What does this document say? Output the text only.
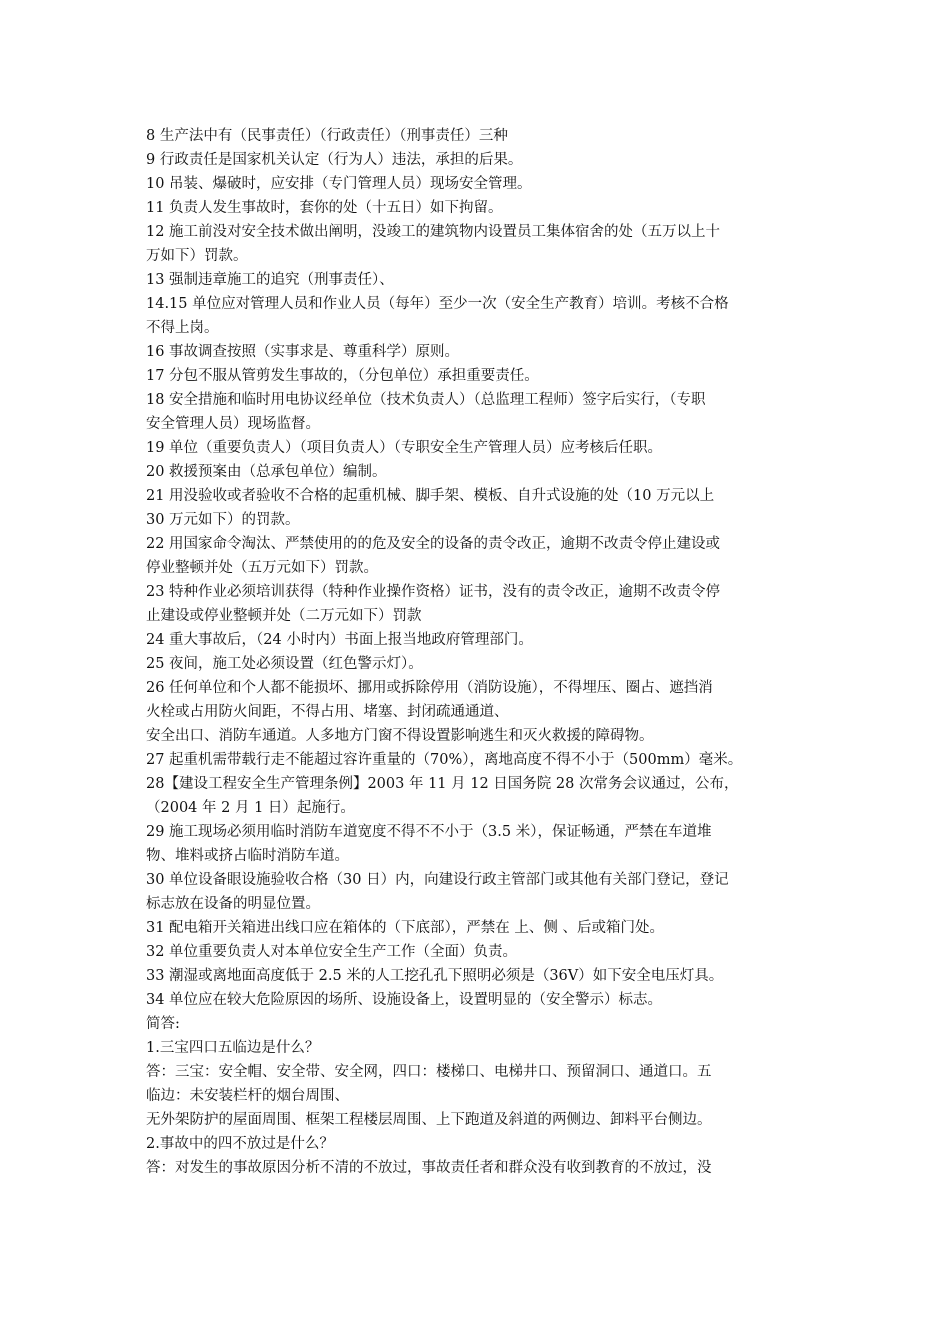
8 生产法中有（民事责任）（行政责任）（刑事责任）三种

9 行政责任是国家机关认定（行为人）违法，承担的后果。

10 吊装、爆破时，应安排（专门管理人员）现场安全管理。

11 负责人发生事故时，套你的处（十五日）如下拘留。

12 施工前没对安全技术做出阐明，没竣工的建筑物内设置员工集体宿舍的处（五万以上十

万如下）罚款。

13 强制违章施工的追究（刑事责任）、

14.15 单位应对管理人员和作业人员（每年）至少一次（安全生产教育）培训。考核不合格

不得上岗。

16 事故调查按照（实事求是、尊重科学）原则。

17 分包不服从管剪发生事故的，（分包单位）承担重要责任。

18 安全措施和临时用电协议经单位（技术负责人）（总监理工程师）签字后实行，（专职

安全管理人员）现场监督。

19 单位（重要负责人）（项目负责人）（专职安全生产管理人员）应考核后任职。

20 救援预案由（总承包单位）编制。

21 用没验收或者验收不合格的起重机械、脚手架、模板、自升式设施的处（10 万元以上

30 万元如下）的罚款。

22 用国家命令淘汰、严禁使用的的危及安全的设备的责令改正，逾期不改责令停止建设或

停业整顿并处（五万元如下）罚款。

23 特种作业必须培训获得（特种作业操作资格）证书，没有的责令改正，逾期不改责令停

止建设或停业整顿并处（二万元如下）罚款

24 重大事故后，（24 小时内）书面上报当地政府管理部门。

25 夜间，施工处必须设置（红色警示灯）。

26 任何单位和个人都不能损坏、挪用或拆除停用（消防设施），不得埋压、圈占、遮挡消

火栓或占用防火间距，不得占用、堵塞、封闭疏通通道、

安全出口、消防车通道。人多地方门窗不得设置影响逃生和灭火救援的障碍物。

27 起重机需带载行走不能超过容许重量的（70%），离地高度不得不小于（500mm）毫米。

28【建设工程安全生产管理条例】2003 年 11 月 12 日国务院 28 次常务会议通过，公布，

（2004 年 2 月 1 日）起施行。

29 施工现场必须用临时消防车道宽度不得不不小于（3.5 米），保证畅通，严禁在车道堆

物、堆料或挤占临时消防车道。

30 单位设备眼设施验收合格（30 日）内，向建设行政主管部门或其他有关部门登记，登记

标志放在设备的明显位置。

31 配电箱开关箱进出线口应在箱体的（下底部），严禁在 上、侧 、后或箱门处。

32 单位重要负责人对本单位安全生产工作（全面）负责。

33 潮湿或离地面高度低于 2.5 米的人工挖孔孔下照明必须是（36V）如下安全电压灯具。

34 单位应在较大危险原因的场所、设施设备上，设置明显的（安全警示）标志。

简答:

1.三宝四口五临边是什么？

答：三宝：安全帽、安全带、安全网，四口：楼梯口、电梯井口、预留洞口、通道口。五

临边：未安装栏杆的烟台周围、

无外架防护的屋面周围、框架工程楼层周围、上下跑道及斜道的两侧边、卸料平台侧边。

2.事故中的四不放过是什么？

答：对发生的事故原因分析不清的不放过，事故责任者和群众没有收到教育的不放过，没
